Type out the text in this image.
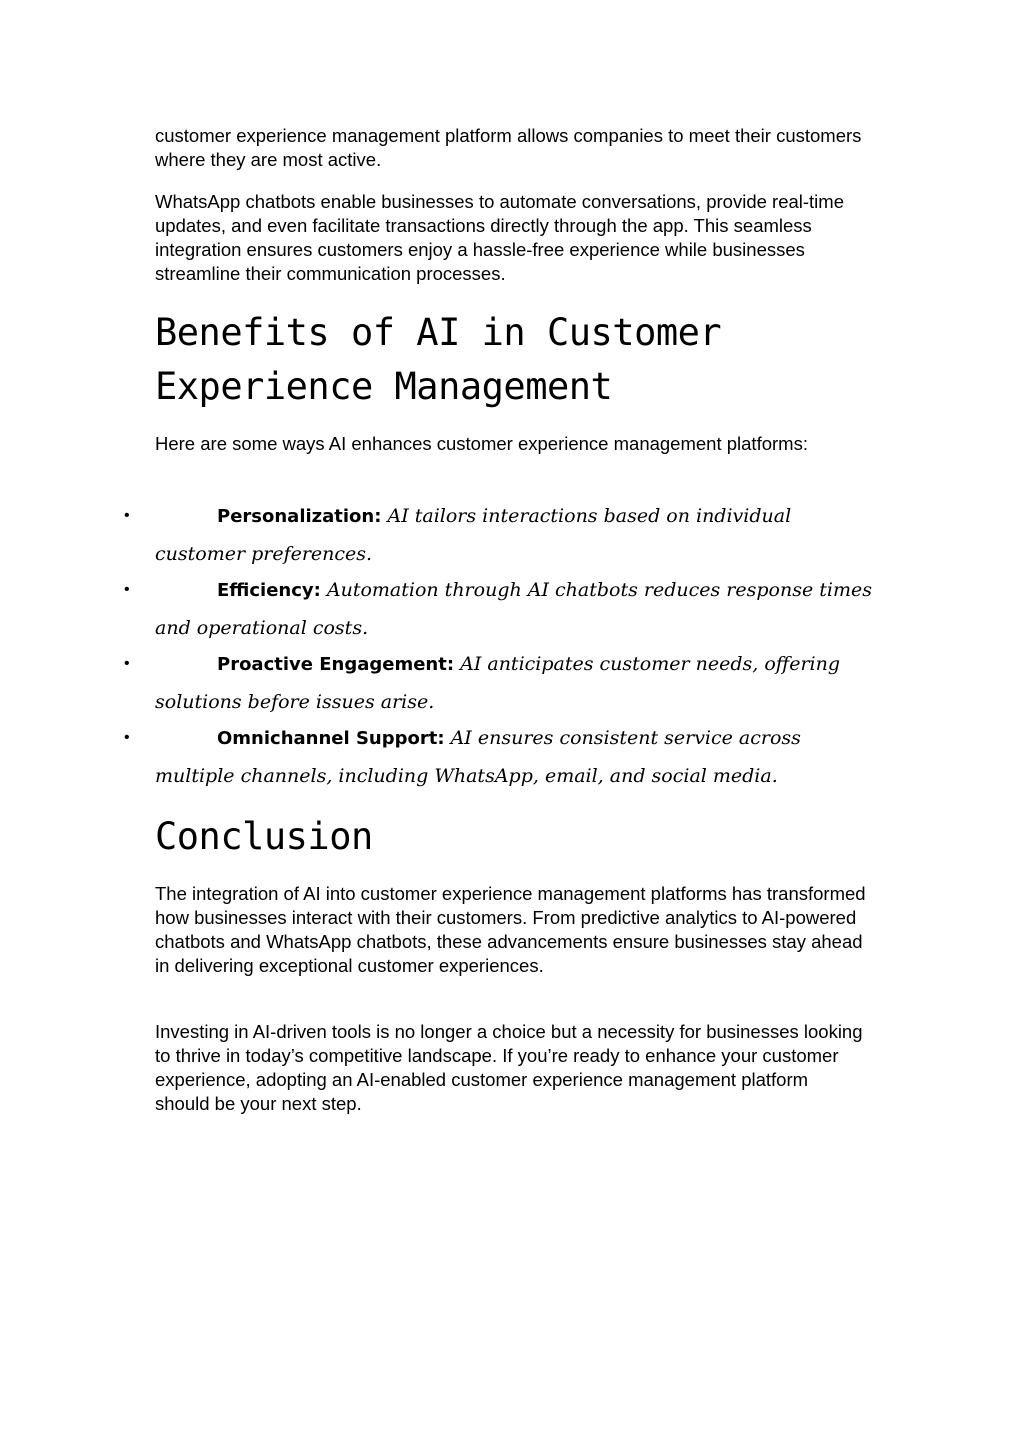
customer experience management platform allows companies to meet their customers where they are most active.

WhatsApp chatbots enable businesses to automate conversations, provide real-time updates, and even facilitate transactions directly through the app. This seamless integration ensures customers enjoy a hassle-free experience while businesses streamline their communication processes.

Benefits of AI in Customer Experience Management

Here are some ways AI enhances customer experience management platforms:

•	Personalization: AI tailors interactions based on individual customer preferences.
•	Efficiency: Automation through AI chatbots reduces response times and operational costs.
•	Proactive Engagement: AI anticipates customer needs, offering solutions before issues arise.
•	Omnichannel Support: AI ensures consistent service across multiple channels, including WhatsApp, email, and social media.
Conclusion

The integration of AI into customer experience management platforms has transformed how businesses interact with their customers. From predictive analytics to AI-powered chatbots and WhatsApp chatbots, these advancements ensure businesses stay ahead in delivering exceptional customer experiences.

Investing in AI-driven tools is no longer a choice but a necessity for businesses looking to thrive in today’s competitive landscape. If you’re ready to enhance your customer experience, adopting an AI-enabled customer experience management platform should be your next step.
